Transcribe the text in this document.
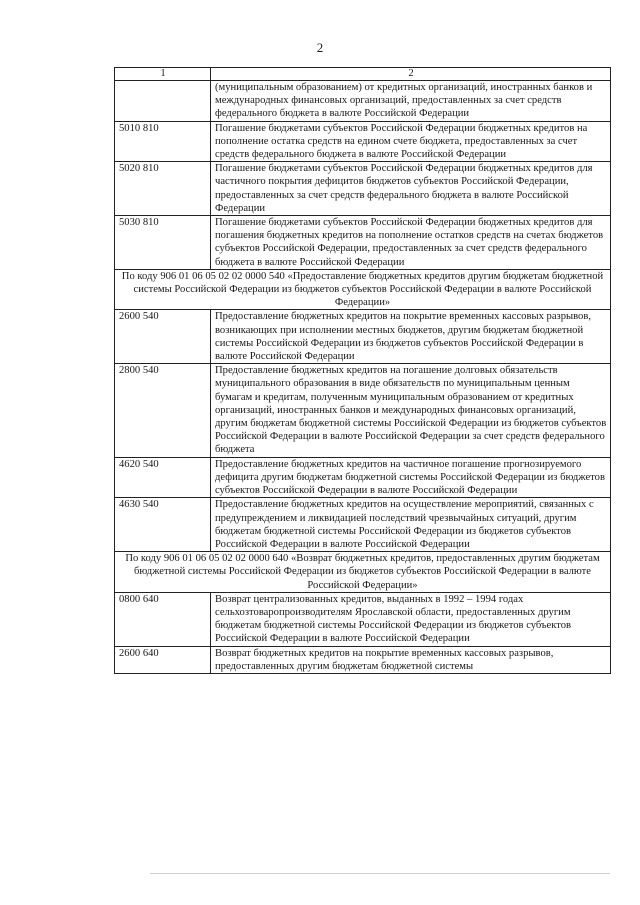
2
1	2
	(муниципальным образованием) от кредитных организаций, иностранных банков и международных финансовых организаций, предоставленных за счет средств федерального бюджета в валюте Российской Федерации
5010 810	Погашение бюджетами субъектов Российской Федерации бюджетных кредитов на пополнение остатка средств на едином счете бюджета, предоставленных за счет средств федерального бюджета в валюте Российской Федерации
5020 810	Погашение бюджетами субъектов Российской Федерации бюджетных кредитов для частичного покрытия дефицитов бюджетов субъектов Российской Федерации, предоставленных за счет средств федерального бюджета в валюте Российской Федерации
5030 810	Погашение бюджетами субъектов Российской Федерации бюджетных кредитов для погашения бюджетных кредитов на пополнение остатков средств на счетах бюджетов субъектов Российской Федерации, предоставленных за счет средств федерального бюджета в валюте Российской Федерации
По коду 906 01 06 05 02 02 0000 540 «Предоставление бюджетных кредитов другим бюджетам бюджетной системы Российской Федерации из бюджетов субъектов Российской Федерации в валюте Российской Федерации»	
2600 540	Предоставление бюджетных кредитов на покрытие временных кассовых разрывов, возникающих при исполнении местных бюджетов, другим бюджетам бюджетной системы Российской Федерации из бюджетов субъектов Российской Федерации в валюте Российской Федерации
2800 540	Предоставление бюджетных кредитов на погашение долговых обязательств муниципального образования в виде обязательств по муниципальным ценным бумагам и кредитам, полученным муниципальным образованием от кредитных организаций, иностранных банков и международных финансовых организаций, другим бюджетам бюджетной системы Российской Федерации из бюджетов субъектов Российской Федерации в валюте Российской Федерации за счет средств федерального бюджета
4620 540	Предоставление бюджетных кредитов на частичное погашение прогнозируемого дефицита другим бюджетам бюджетной системы Российской Федерации из бюджетов субъектов Российской Федерации в валюте Российской Федерации
4630 540	Предоставление бюджетных кредитов на осуществление мероприятий, связанных с предупреждением и ликвидацией последствий чрезвычайных ситуаций, другим бюджетам бюджетной системы Российской Федерации из бюджетов субъектов Российской Федерации в валюте Российской Федерации
По коду 906 01 06 05 02 02 0000 640 «Возврат бюджетных кредитов, предоставленных другим бюджетам бюджетной системы Российской Федерации из бюджетов субъектов Российской Федерации в валюте Российской Федерации»	
0800 640	Возврат централизованных кредитов, выданных в 1992 – 1994 годах сельхозтоваропроизводителям Ярославской области, предоставленных другим бюджетам бюджетной системы Российской Федерации из бюджетов субъектов Российской Федерации в валюте Российской Федерации
2600 640	Возврат бюджетных кредитов на покрытие временных кассовых разрывов, предоставленных другим бюджетам бюджетной системы
